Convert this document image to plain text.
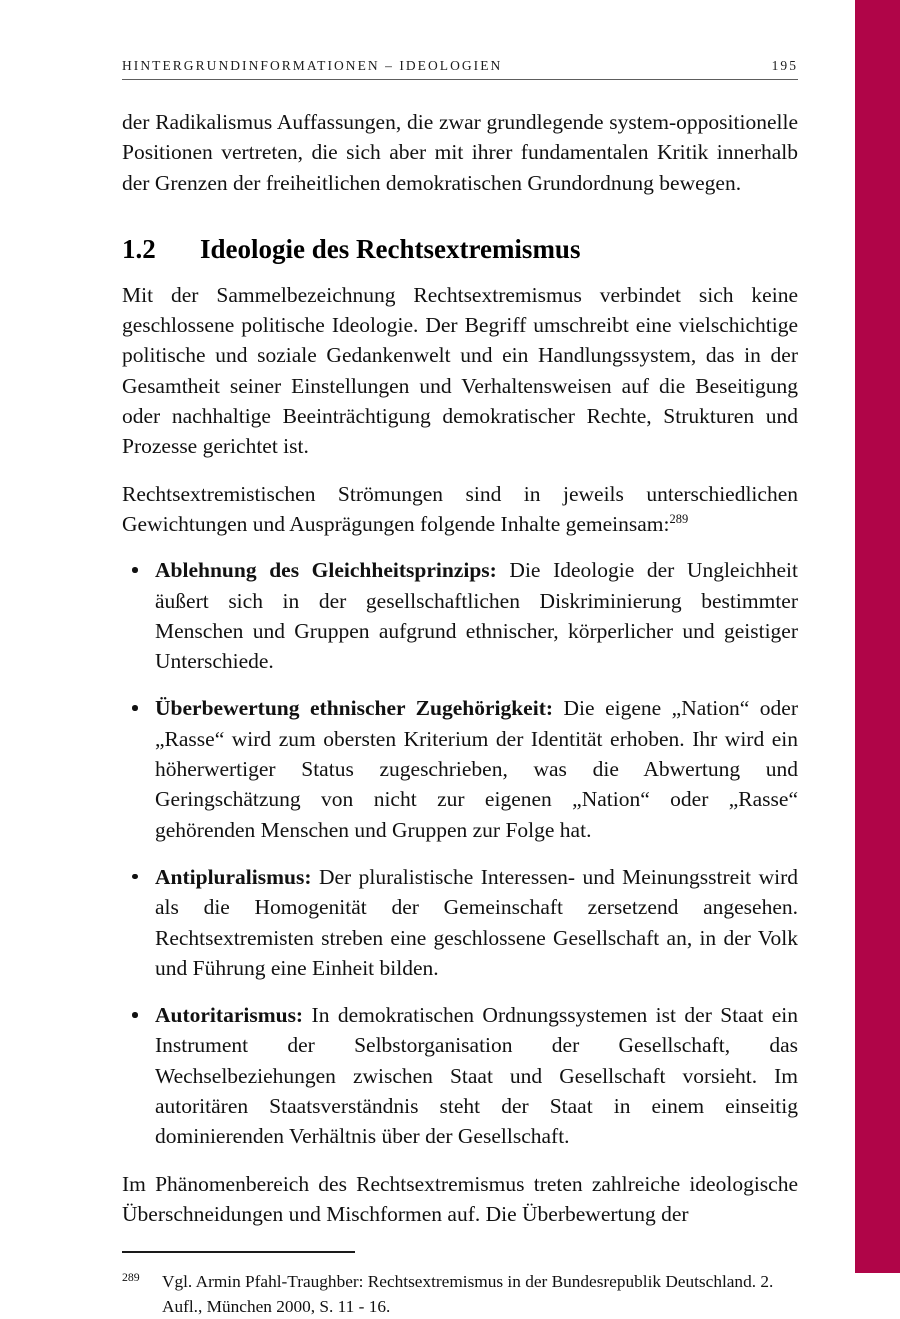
HINTERGRUNDINFORMATIONEN – IDEOLOGIEN	195

der Radikalismus Auffassungen, die zwar grundlegende system-oppositionelle Positionen vertreten, die sich aber mit ihrer fundamentalen Kritik innerhalb der Grenzen der freiheitlichen demokratischen Grundordnung bewegen.

1.2	Ideologie des Rechtsextremismus

Mit der Sammelbezeichnung Rechtsextremismus verbindet sich keine geschlossene politische Ideologie. Der Begriff umschreibt eine vielschichtige politische und soziale Gedankenwelt und ein Handlungssystem, das in der Gesamtheit seiner Einstellungen und Verhaltensweisen auf die Beseitigung oder nachhaltige Beeinträchtigung demokratischer Rechte, Strukturen und Prozesse gerichtet ist.

Rechtsextremistischen Strömungen sind in jeweils unterschiedlichen Gewichtungen und Ausprägungen folgende Inhalte gemeinsam:$^{289}$

Ablehnung des Gleichheitsprinzips: Die Ideologie der Ungleichheit äußert sich in der gesellschaftlichen Diskriminierung bestimmter Menschen und Gruppen aufgrund ethnischer, körperlicher und geistiger Unterschiede.
Überbewertung ethnischer Zugehörigkeit: Die eigene „Nation“ oder „Rasse“ wird zum obersten Kriterium der Identität erhoben. Ihr wird ein höherwertiger Status zugeschrieben, was die Abwertung und Geringschätzung von nicht zur eigenen „Nation“ oder „Rasse“ gehörenden Menschen und Gruppen zur Folge hat.
Antipluralismus: Der pluralistische Interessen- und Meinungsstreit wird als die Homogenität der Gemeinschaft zersetzend angesehen. Rechtsextremisten streben eine geschlossene Gesellschaft an, in der Volk und Führung eine Einheit bilden.
Autoritarismus: In demokratischen Ordnungssystemen ist der Staat ein Instrument der Selbstorganisation der Gesellschaft, das Wechselbeziehungen zwischen Staat und Gesellschaft vorsieht. Im autoritären Staatsverständnis steht der Staat in einem einseitig dominierenden Verhältnis über der Gesellschaft.

Im Phänomenbereich des Rechtsextremismus treten zahlreiche ideologische Überschneidungen und Mischformen auf. Die Überbewertung der

289 Vgl. Armin Pfahl-Traughber: Rechtsextremismus in der Bundesrepublik Deutschland. 2. Aufl., München 2000, S. 11 - 16.
